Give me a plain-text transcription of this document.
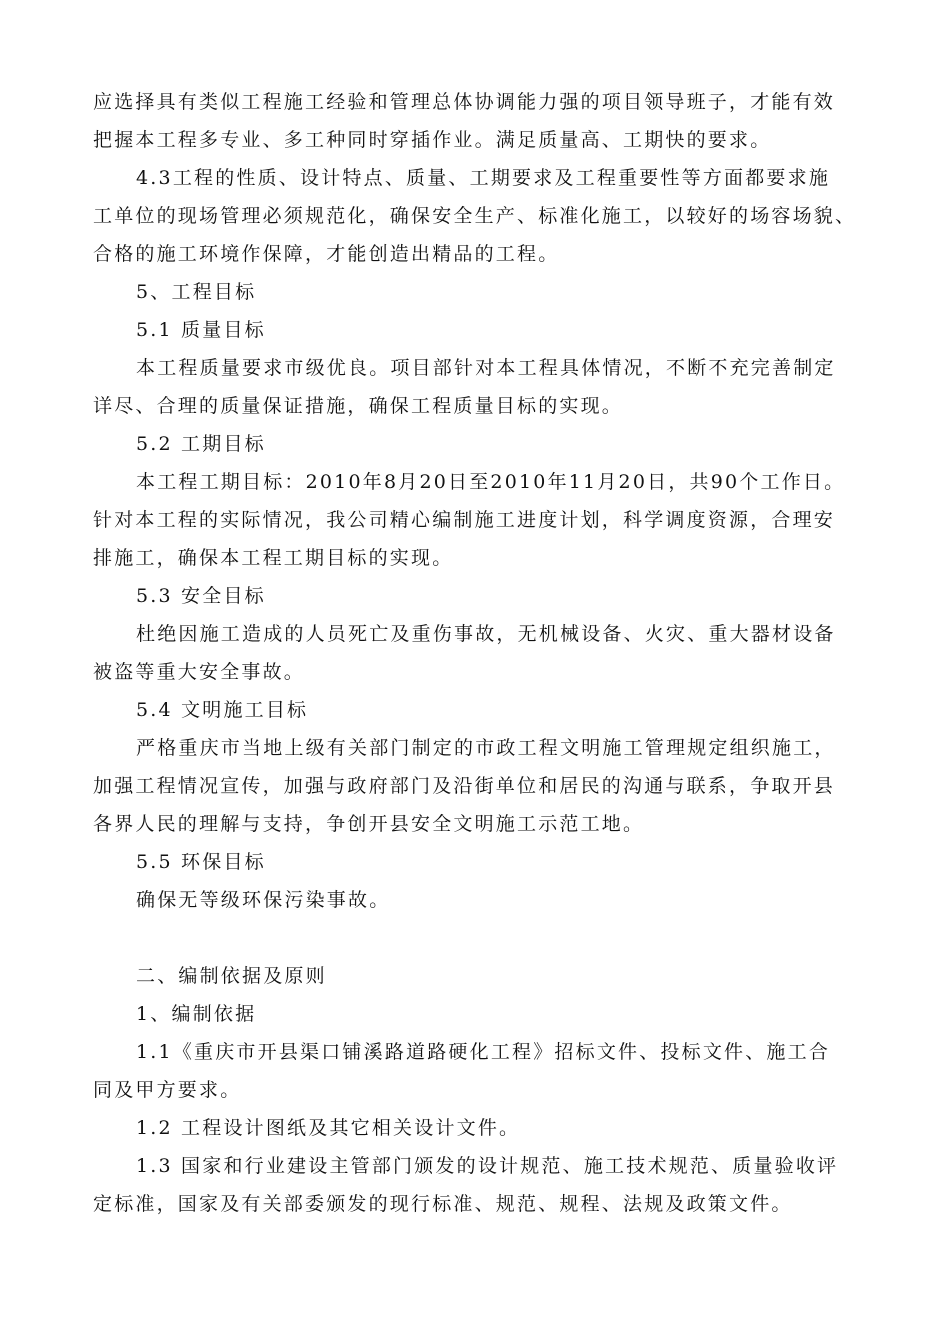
应选择具有类似工程施工经验和管理总体协调能力强的项目领导班子，才能有效
把握本工程多专业、多工种同时穿插作业。满足质量高、工期快的要求。
4.3工程的性质、设计特点、质量、工期要求及工程重要性等方面都要求施
工单位的现场管理必须规范化，确保安全生产、标准化施工，以较好的场容场貌、
合格的施工环境作保障，才能创造出精品的工程。
5、工程目标
5.1 质量目标
本工程质量要求市级优良。项目部针对本工程具体情况，不断不充完善制定
详尽、合理的质量保证措施，确保工程质量目标的实现。
5.2 工期目标
本工程工期目标：2010年8月20日至2010年11月20日，共90个工作日。
针对本工程的实际情况，我公司精心编制施工进度计划，科学调度资源，合理安
排施工，确保本工程工期目标的实现。
5.3 安全目标
杜绝因施工造成的人员死亡及重伤事故，无机械设备、火灾、重大器材设备
被盗等重大安全事故。
5.4 文明施工目标
严格重庆市当地上级有关部门制定的市政工程文明施工管理规定组织施工，
加强工程情况宣传，加强与政府部门及沿街单位和居民的沟通与联系，争取开县
各界人民的理解与支持，争创开县安全文明施工示范工地。
5.5 环保目标
确保无等级环保污染事故。
二、编制依据及原则
1、编制依据
1.1《重庆市开县渠口铺溪路道路硬化工程》招标文件、投标文件、施工合
同及甲方要求。
1.2 工程设计图纸及其它相关设计文件。
1.3 国家和行业建设主管部门颁发的设计规范、施工技术规范、质量验收评
定标准，国家及有关部委颁发的现行标准、规范、规程、法规及政策文件。
